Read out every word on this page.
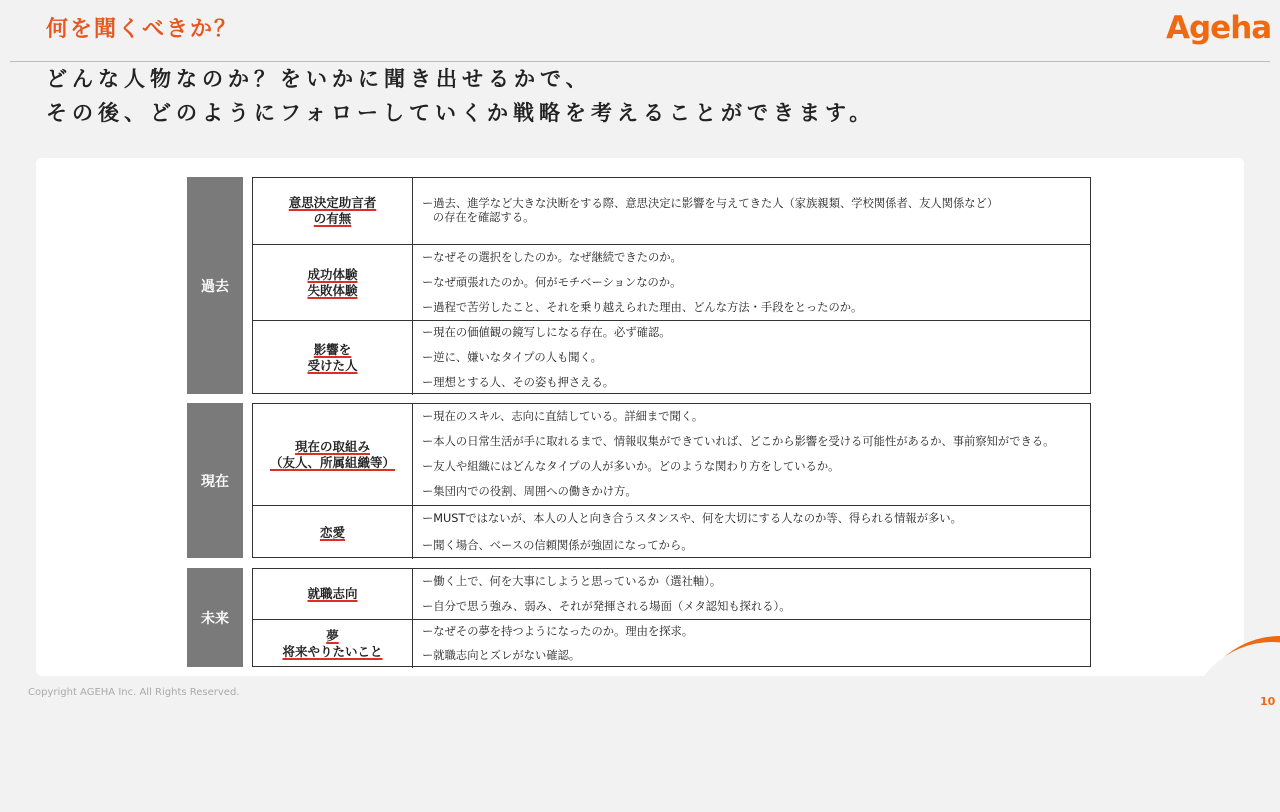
何を聞くべきか？	Ageha
どんな人物なのか？をいかに聞き出せるかで、
その後、どのようにフォローしていくか戦略を考えることができます。
過去
意思決定助言者
の有無
ー過去、進学など大きな決断をする際、意思決定に影響を与えてきた人（家族親類、学校関係者、友人関係など）
の存在を確認する。
成功体験
失敗体験
ーなぜその選択をしたのか。なぜ継続できたのか。
ーなぜ頑張れたのか。何がモチベーションなのか。
ー過程で苦労したこと、それを乗り越えられた理由、どんな方法・手段をとったのか。
影響を
受けた人
ー現在の価値観の鏡写しになる存在。必ず確認。
ー逆に、嫌いなタイプの人も聞く。
ー理想とする人、その姿も押さえる。
現在
現在の取組み
（友人、所属組織等）
ー現在のスキル、志向に直結している。詳細まで聞く。
ー本人の日常生活が手に取れるまで、情報収集ができていれば、どこから影響を受ける可能性があるか、事前察知ができる。
ー友人や組織にはどんなタイプの人が多いか。どのような関わり方をしているか。
ー集団内での役割、周囲への働きかけ方。
恋愛
ーMUSTではないが、本人の人と向き合うスタンスや、何を大切にする人なのか等、得られる情報が多い。
ー聞く場合、ベースの信頼関係が強固になってから。
未来
就職志向
ー働く上で、何を大事にしようと思っているか（選社軸）。
ー自分で思う強み、弱み、それが発揮される場面（メタ認知も探れる）。
夢
将来やりたいこと
ーなぜその夢を持つようになったのか。理由を探求。
ー就職志向とズレがない確認。
Copyright AGEHA Inc. All Rights Reserved.
10
